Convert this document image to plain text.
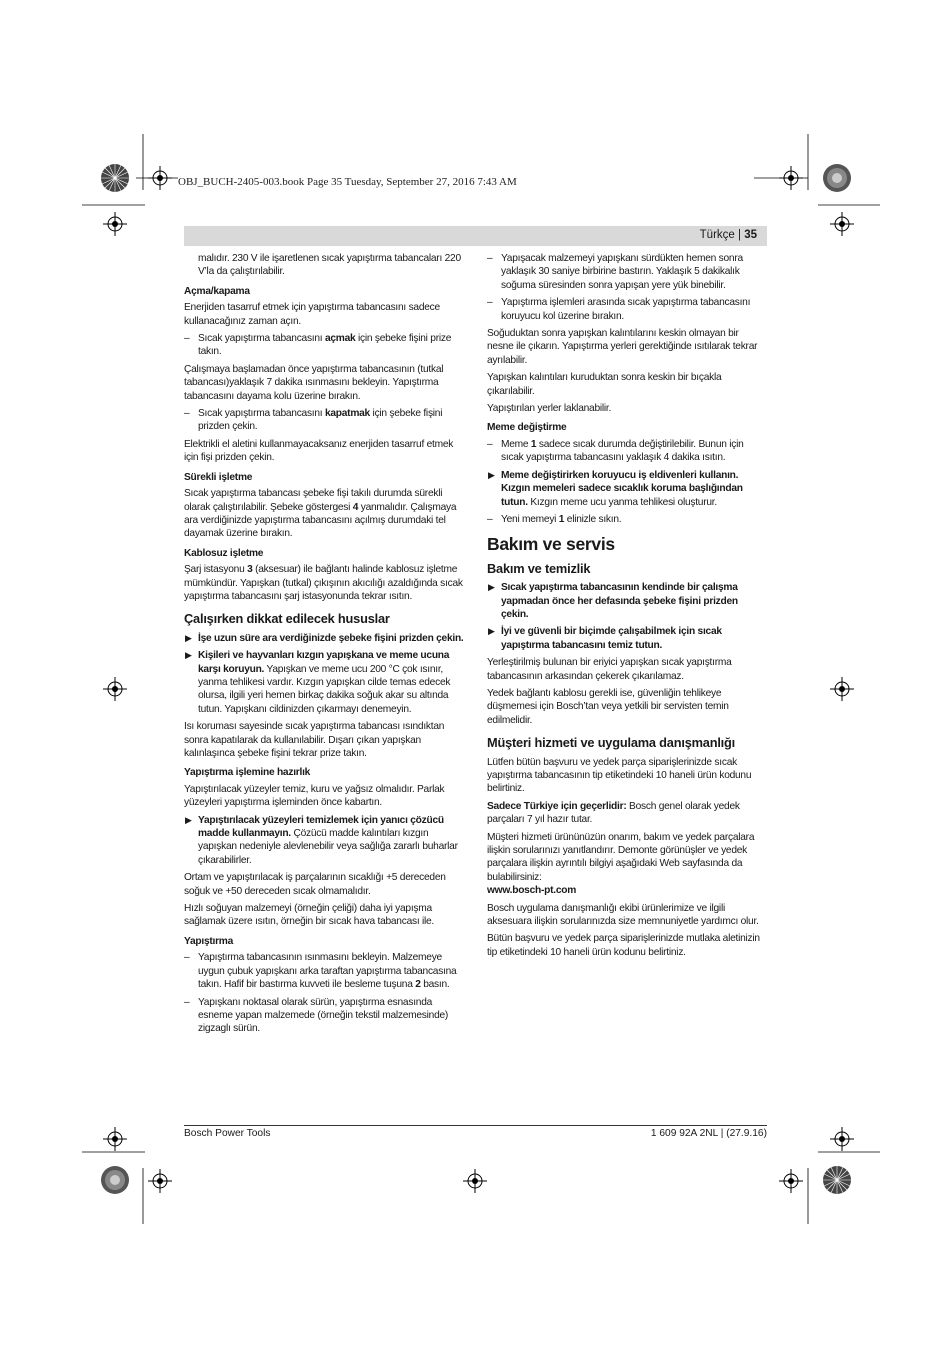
OBJ_BUCH-2405-003.book Page 35 Tuesday, September 27, 2016 7:43 AM
Türkçe | 35

malıdır. 230 V ile işaretlenen sıcak yapıştırma tabancaları 220 V’la da çalıştırılabilir.

Açma/kapama

Enerjiden tasarruf etmek için yapıştırma tabancasını sadece kullanacağınız zaman açın.

– Sıcak yapıştırma tabancasını açmak için şebeke fişini prize takın.

Çalışmaya başlamadan önce yapıştırma tabancasının (tutkal tabancası)yaklaşık 7 dakika ısınmasını bekleyin. Yapıştırma tabancasını dayama kolu üzerine bırakın.

– Sıcak yapıştırma tabancasını kapatmak için şebeke fişini prizden çekin.

Elektrikli el aletini kullanmayacaksanız enerjiden tasarruf etmek için fişi prizden çekin.

Sürekli işletme

Sıcak yapıştırma tabancası şebeke fişi takılı durumda sürekli olarak çalıştırılabilir. Şebeke göstergesi 4 yanmalıdır. Çalışmaya ara verdiğinizde yapıştırma tabancasını açılmış durumdaki tel dayamak üzerine bırakın.

Kablosuz işletme

Şarj istasyonu 3 (aksesuar) ile bağlantı halinde kablosuz işletme mümkündür. Yapışkan (tutkal) çıkışının akıcılığı azaldığında sıcak yapıştırma tabancasını şarj istasyonunda tekrar ısıtın.

Çalışırken dikkat edilecek hususlar

▶ İşe uzun süre ara verdiğinizde şebeke fişini prizden çekin.

▶ Kişileri ve hayvanları kızgın yapışkana ve meme ucuna karşı koruyun. Yapışkan ve meme ucu 200 °C çok ısınır, yanma tehlikesi vardır. Kızgın yapışkan cilde temas edecek olursa, ilgili yeri hemen birkaç dakika soğuk akar su altında tutun. Yapışkanı cildinizden çıkarmayı denemeyin.

Isı koruması sayesinde sıcak yapıştırma tabancası ısındıktan sonra kapatılarak da kullanılabilir. Dışarı çıkan yapışkan kalınlaşınca şebeke fişini tekrar prize takın.

Yapıştırma işlemine hazırlık

Yapıştırılacak yüzeyler temiz, kuru ve yağsız olmalıdır. Parlak yüzeyleri yapıştırma işleminden önce kabartın.

▶ Yapıştırılacak yüzeyleri temizlemek için yanıcı çözücü madde kullanmayın. Çözücü madde kalıntıları kızgın yapışkan nedeniyle alevlenebilir veya sağlığa zararlı buharlar çıkarabilirler.

Ortam ve yapıştırılacak iş parçalarının sıcaklığı +5 dereceden soğuk ve +50 dereceden sıcak olmamalıdır.

Hızlı soğuyan malzemeyi (örneğin çeliği) daha iyi yapışma sağlamak üzere ısıtın, örneğin bir sıcak hava tabancası ile.

Yapıştırma

– Yapıştırma tabancasının ısınmasını bekleyin. Malzemeye uygun çubuk yapışkanı arka taraftan yapıştırma tabancasına takın. Hafif bir bastırma kuvveti ile besleme tuşuna 2 basın.

– Yapışkanı noktasal olarak sürün, yapıştırma esnasında esneme yapan malzemede (örneğin tekstil malzemesinde) zigzaglı sürün.

– Yapışacak malzemeyi yapışkanı sürdükten hemen sonra yaklaşık 30 saniye birbirine bastırın. Yaklaşık 5 dakikalık soğuma süresinden sonra yapışan yere yük binebilir.

– Yapıştırma işlemleri arasında sıcak yapıştırma tabancasını koruyucu kol üzerine bırakın.

Soğuduktan sonra yapışkan kalıntılarını keskin olmayan bir nesne ile çıkarın. Yapıştırma yerleri gerektiğinde ısıtılarak tekrar ayrılabilir.

Yapışkan kalıntıları kuruduktan sonra keskin bir bıçakla çıkarılabilir.

Yapıştırılan yerler laklanabilir.

Meme değiştirme

– Meme 1 sadece sıcak durumda değiştirilebilir. Bunun için sıcak yapıştırma tabancasını yaklaşık 4 dakika ısıtın.

▶ Meme değiştirirken koruyucu iş eldivenleri kullanın. Kızgın memeleri sadece sıcaklık koruma başlığından tutun. Kızgın meme ucu yanma tehlikesi oluşturur.

– Yeni memeyi 1 elinizle sıkın.

Bakım ve servis
Bakım ve temizlik

▶ Sıcak yapıştırma tabancasının kendinde bir çalışma yapmadan önce her defasında şebeke fişini prizden çekin.

▶ İyi ve güvenli bir biçimde çalışabilmek için sıcak yapıştırma tabancasını temiz tutun.

Yerleştirilmiş bulunan bir eriyici yapışkan sıcak yapıştırma tabancasının arkasından çekerek çıkarılamaz.

Yedek bağlantı kablosu gerekli ise, güvenliğin tehlikeye düşmemesi için Bosch’tan veya yetkili bir servisten temin edilmelidir.

Müşteri hizmeti ve uygulama danışmanlığı

Lütfen bütün başvuru ve yedek parça siparişlerinizde sıcak yapıştırma tabancasının tip etiketindeki 10 haneli ürün kodunu belirtiniz.

Sadece Türkiye için geçerlidir: Bosch genel olarak yedek parçaları 7 yıl hazır tutar.

Müşteri hizmeti ürününüzün onarım, bakım ve yedek parçalara ilişkin sorularınızı yanıtlandırır. Demonte görünüşler ve yedek parçalara ilişkin ayrıntılı bilgiyi aşağıdaki Web sayfasında da bulabilirsiniz:

www.bosch-pt.com

Bosch uygulama danışmanlığı ekibi ürünlerimize ve ilgili aksesuara ilişkin sorularınızda size memnuniyetle yardımcı olur.

Bütün başvuru ve yedek parça siparişlerinizde mutlaka aletinizin tip etiketindeki 10 haneli ürün kodunu belirtiniz.

Bosch Power Tools	1 609 92A 2NL | (27.9.16)
